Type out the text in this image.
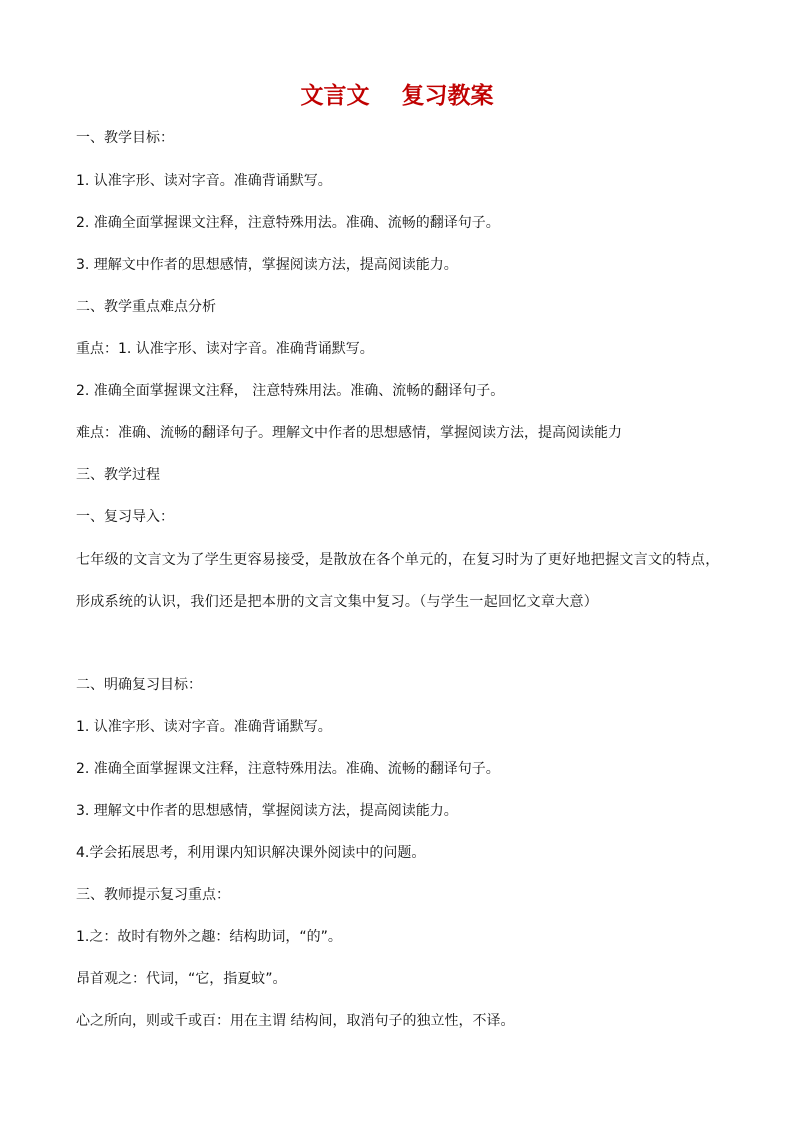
文言文    复习教案
一、教学目标：
1. 认准字形、读对字音。准确背诵默写。
2. 准确全面掌握课文注释，注意特殊用法。准确、流畅的翻译句子。
3. 理解文中作者的思想感情，掌握阅读方法，提高阅读能力。
二、教学重点难点分析
重点：1. 认准字形、读对字音。准确背诵默写。
2. 准确全面掌握课文注释， 注意特殊用法。准确、流畅的翻译句子。
难点：准确、流畅的翻译句子。理解文中作者的思想感情，掌握阅读方法，提高阅读能力
三、教学过程
一、复习导入：
七年级的文言文为了学生更容易接受，是散放在各个单元的，在复习时为了更好地把握文言文的特点，形成系统的认识，我们还是把本册的文言文集中复习。（与学生一起回忆文章大意）
二、明确复习目标：
1. 认准字形、读对字音。准确背诵默写。
2. 准确全面掌握课文注释，注意特殊用法。准确、流畅的翻译句子。
3. 理解文中作者的思想感情，掌握阅读方法，提高阅读能力。
4.学会拓展思考，利用课内知识解决课外阅读中的问题。
三、教师提示复习重点：
1.之：故时有物外之趣：结构助词，“的”。
昂首观之：代词，“它，指夏蚊”。
心之所向，则或千或百：用在主谓 结构间，取消句子的独立性，不译。
